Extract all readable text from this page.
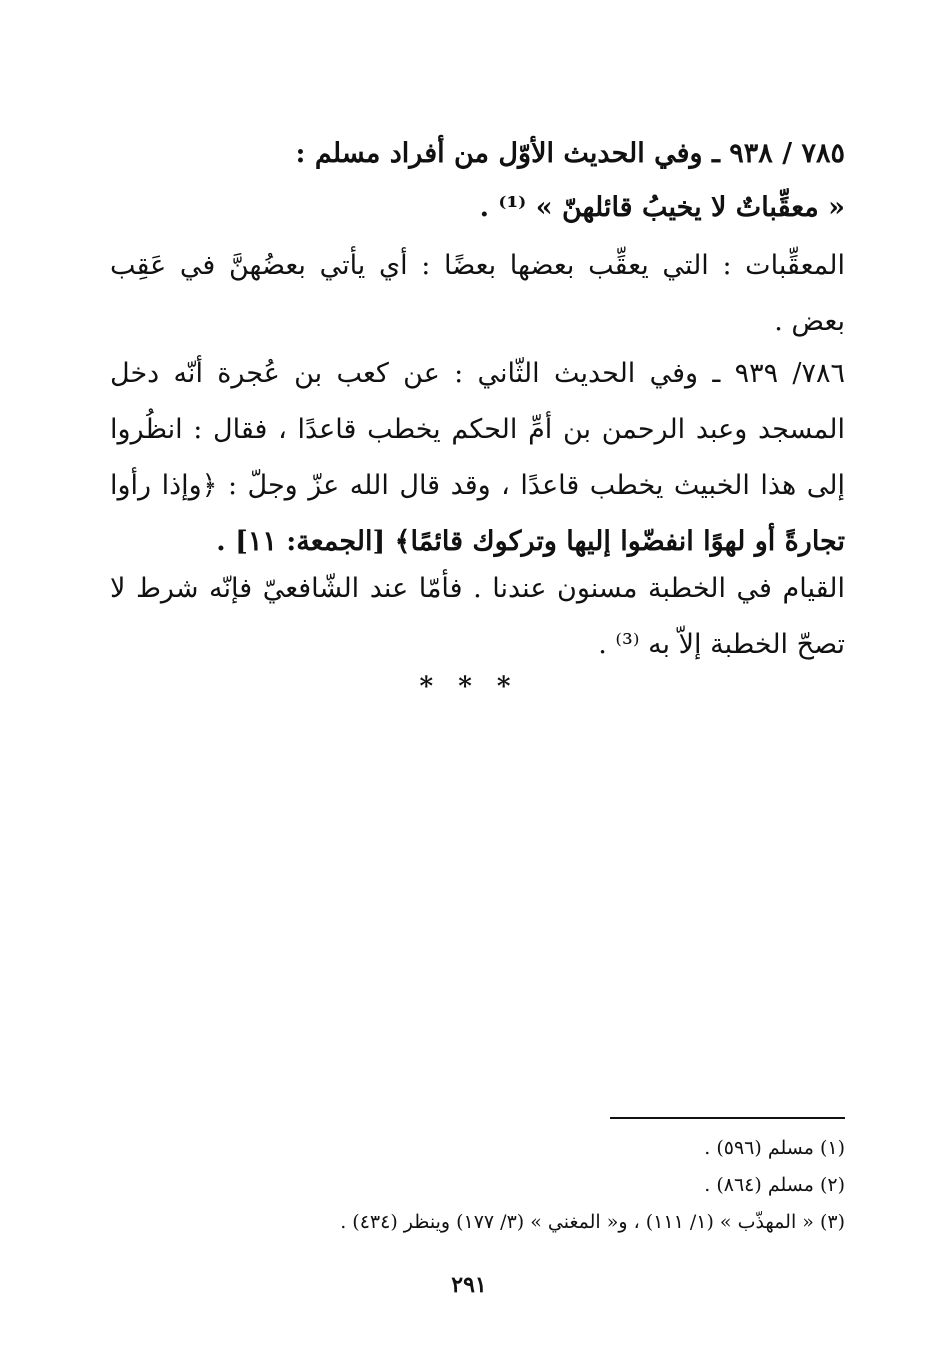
٧٨٥ / ٩٣٨ ـ وفي الحديث الأوّل من أفراد مسلم :
« معقِّباتٌ لا يخيبُ قائلهنّ » ⁽¹⁾ .
المعقِّبات : التي يعقِّب بعضها بعضًا : أي يأتي بعضُهنَّ في عَقِب
بعض .
٧٨٦/ ٩٣٩ ـ وفي الحديث الثّاني : عن كعب بن عُجرة أنّه دخل
المسجد وعبد الرحمن بن أمِّ الحكم يخطب قاعدًا ، فقال : انظُروا
إلى هذا الخبيث يخطب قاعدًا ، وقد قال الله عزّ وجلّ : ﴿وإذا رأوا
تجارةً أو لهوًا انفضّوا إليها وتركوك قائمًا﴾ [الجمعة: ١١] .
القيام في الخطبة مسنون عندنا . فأمّا عند الشّافعيّ فإنّه شرط لا
تصحّ الخطبة إلاّ به ⁽³⁾ .
* * *
(١) مسلم (٥٩٦) .
(٢) مسلم (٨٦٤) .
(٣) « المهذّب » (١/ ١١١) ، و« المغني » (٣/ ١٧٧) وينظر (٤٣٤) .
٢٩١
